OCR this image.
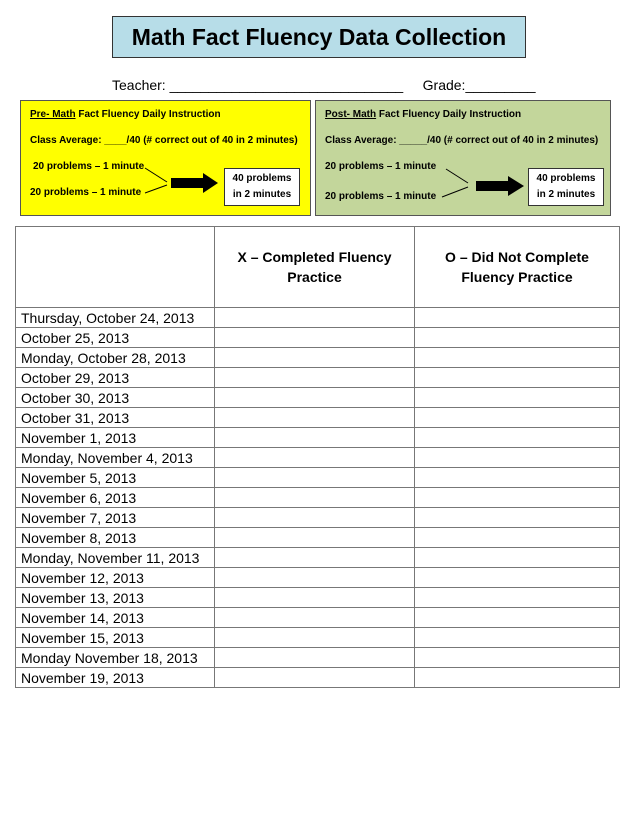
Math Fact Fluency Data Collection
Teacher: ______________________________ Grade:_________
Pre- Math Fact Fluency Daily Instruction
Class Average: ____/40 (# correct out of 40 in 2 minutes)
20 problems – 1 minute
20 problems – 1 minute
40 problems
in 2 minutes
Post- Math Fact Fluency Daily Instruction
Class Average: _____/40 (# correct out of 40 in 2 minutes)
20 problems – 1 minute
20 problems – 1 minute
40 problems
in 2 minutes
	X – Completed Fluency Practice	O – Did Not Complete Fluency Practice
Thursday, October 24, 2013		
October 25, 2013		
Monday, October 28, 2013		
October 29, 2013		
October 30, 2013		
October 31, 2013		
November 1, 2013		
Monday, November 4, 2013		
November 5, 2013		
November 6, 2013		
November 7, 2013		
November 8, 2013		
Monday, November 11, 2013		
November 12, 2013		
November 13, 2013		
November 14, 2013		
November 15, 2013		
Monday November 18, 2013		
November 19, 2013		
